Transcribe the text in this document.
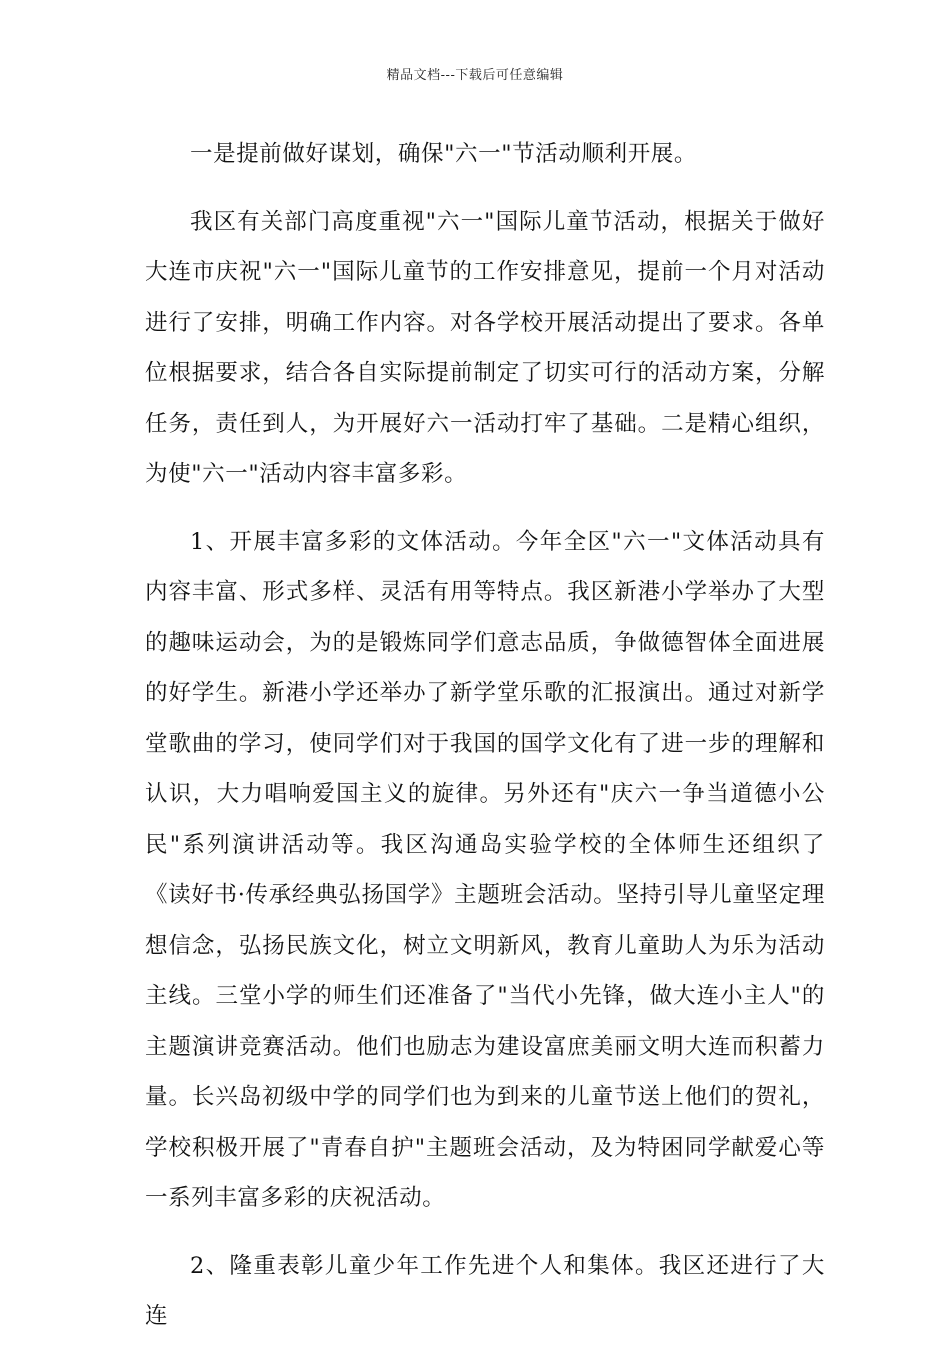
精品文档---下载后可任意编辑

一是提前做好谋划，确保"六一"节活动顺利开展。

我区有关部门高度重视"六一"国际儿童节活动，根据关于做好大连市庆祝"六一"国际儿童节的工作安排意见，提前一个月对活动进行了安排，明确工作内容。对各学校开展活动提出了要求。各单位根据要求，结合各自实际提前制定了切实可行的活动方案，分解任务，责任到人，为开展好六一活动打牢了基础。二是精心组织，为使"六一"活动内容丰富多彩。

1、开展丰富多彩的文体活动。今年全区"六一"文体活动具有内容丰富、形式多样、灵活有用等特点。我区新港小学举办了大型的趣味运动会，为的是锻炼同学们意志品质，争做德智体全面进展的好学生。新港小学还举办了新学堂乐歌的汇报演出。通过对新学堂歌曲的学习，使同学们对于我国的国学文化有了进一步的理解和认识，大力唱响爱国主义的旋律。另外还有"庆六一争当道德小公民"系列演讲活动等。我区沟通岛实验学校的全体师生还组织了《读好书·传承经典弘扬国学》主题班会活动。坚持引导儿童坚定理想信念，弘扬民族文化，树立文明新风，教育儿童助人为乐为活动主线。三堂小学的师生们还准备了"当代小先锋，做大连小主人"的主题演讲竞赛活动。他们也励志为建设富庶美丽文明大连而积蓄力量。长兴岛初级中学的同学们也为到来的儿童节送上他们的贺礼，学校积极开展了"青春自护"主题班会活动，及为特困同学献爱心等一系列丰富多彩的庆祝活动。

2、隆重表彰儿童少年工作先进个人和集体。我区还进行了大连
